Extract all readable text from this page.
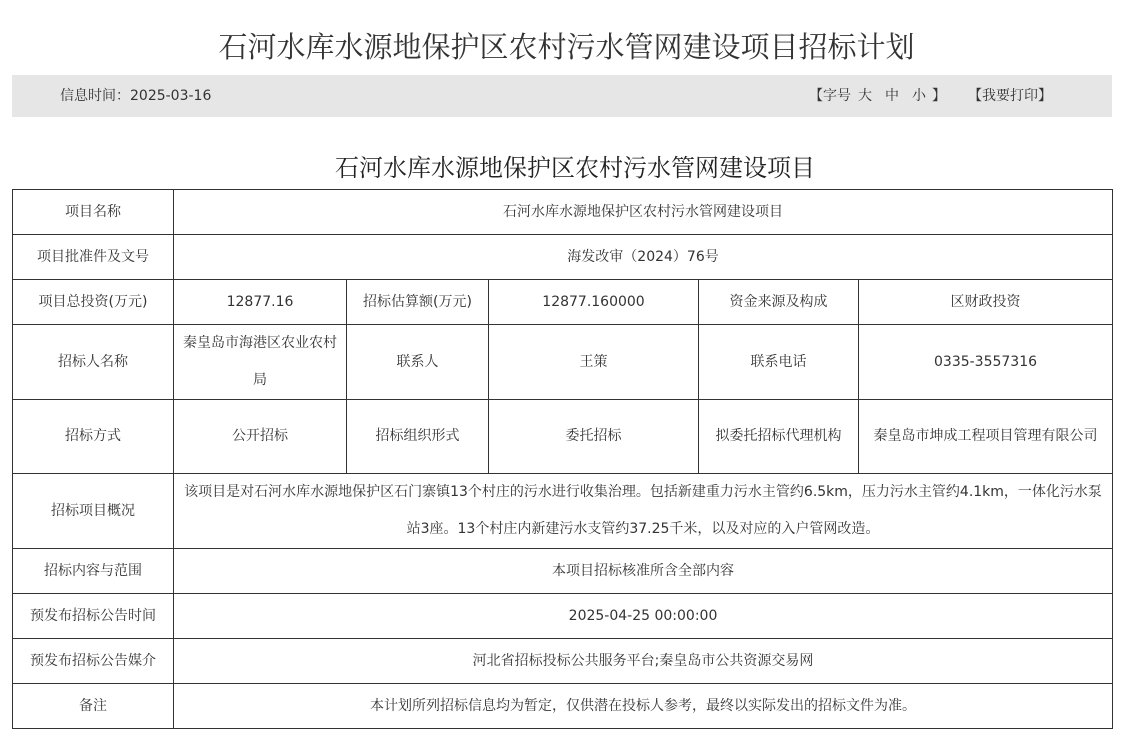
石河水库水源地保护区农村污水管网建设项目招标计划
信息时间：2025-03-16	【字号 大 中 小 】 【我要打印】
石河水库水源地保护区农村污水管网建设项目
项目名称	石河水库水源地保护区农村污水管网建设项目				
项目批准件及文号	海发改审（2024）76号				
项目总投资(万元)	12877.16	招标估算额(万元)	12877.160000	资金来源及构成	区财政投资
招标人名称	秦皇岛市海港区农业农村局	联系人	王策	联系电话	0335-3557316
招标方式	公开招标	招标组织形式	委托招标	拟委托招标代理机构	秦皇岛市坤成工程项目管理有限公司
招标项目概况	该项目是对石河水库水源地保护区石门寨镇13个村庄的污水进行收集治理。包括新建重力污水主管约6.5km，压力污水主管约4.1km，一体化污水泵站3座。13个村庄内新建污水支管约37.25千米，以及对应的入户管网改造。				
招标内容与范围	本项目招标核准所含全部内容				
预发布招标公告时间	2025-04-25 00:00:00				
预发布招标公告媒介	河北省招标投标公共服务平台;秦皇岛市公共资源交易网				
备注	本计划所列招标信息均为暂定，仅供潜在投标人参考，最终以实际发出的招标文件为准。				
